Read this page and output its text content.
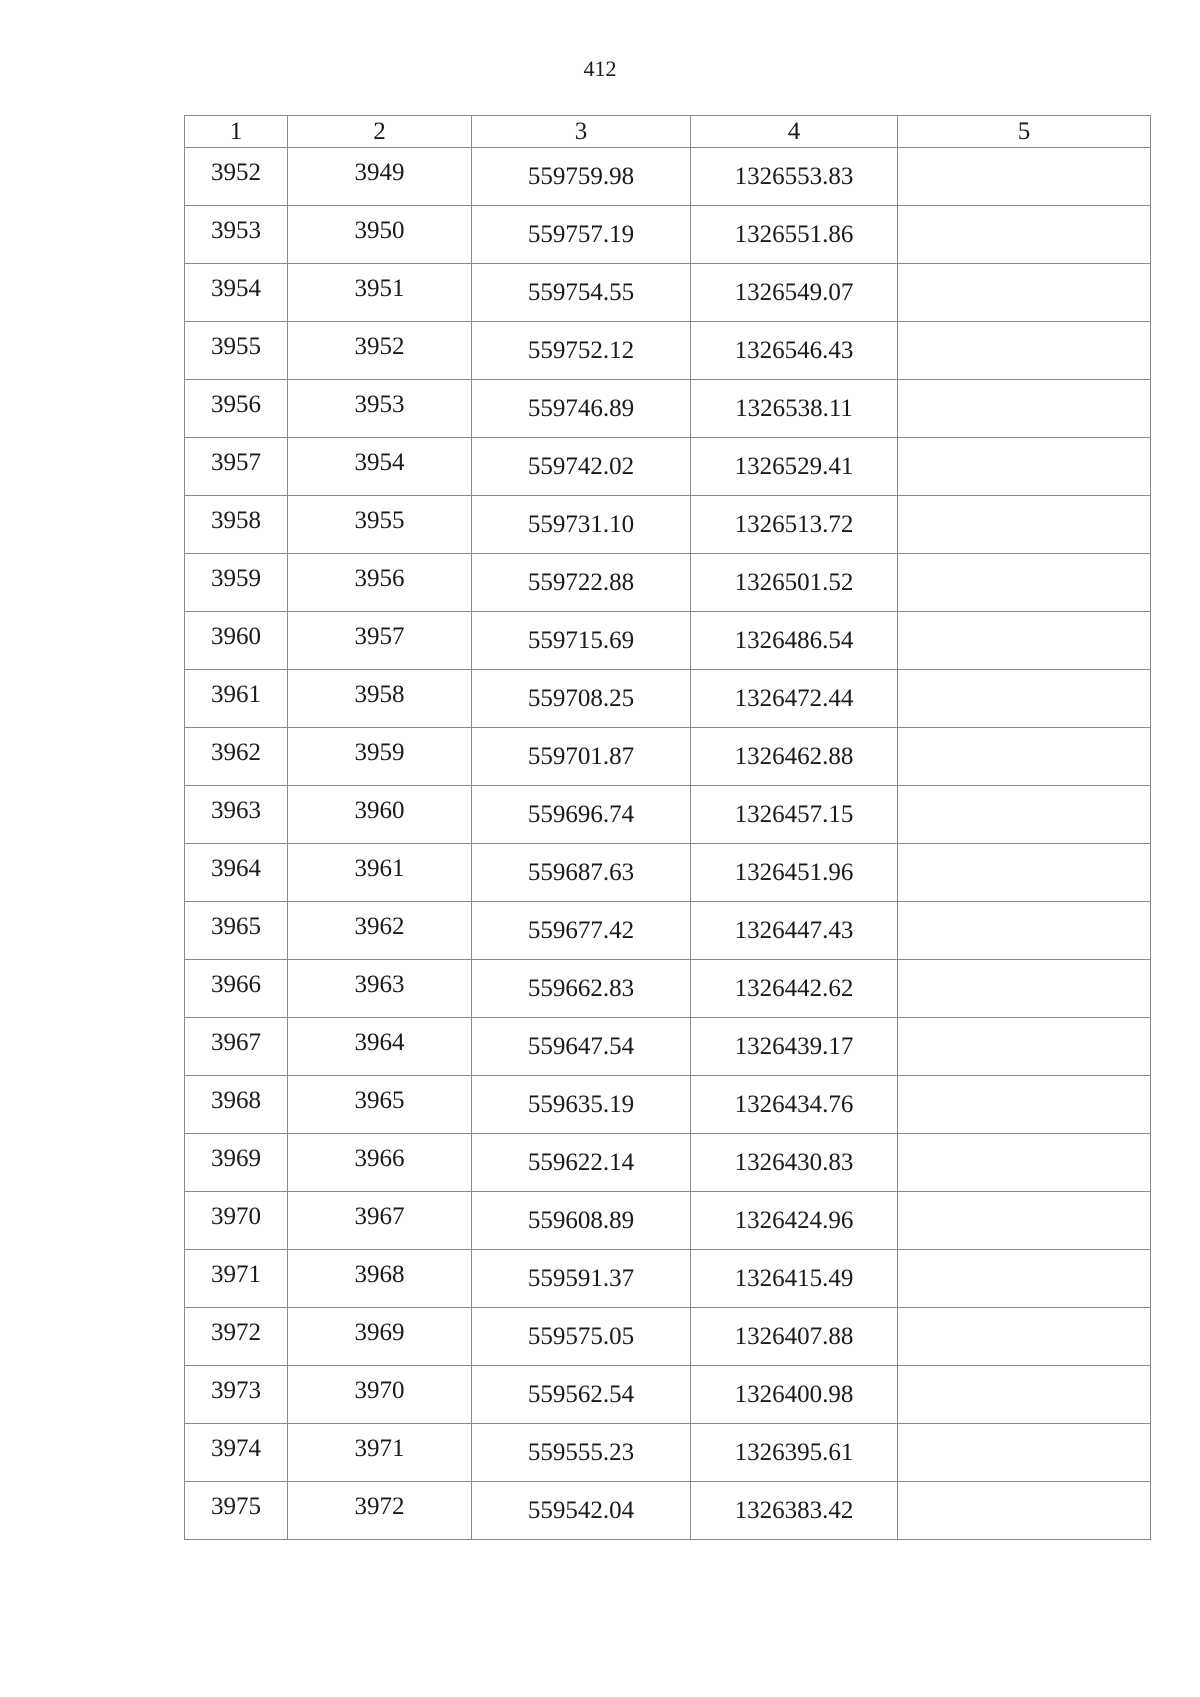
412
1	2	3	4	5
3952	3949	559759.98	1326553.83	
3953	3950	559757.19	1326551.86	
3954	3951	559754.55	1326549.07	
3955	3952	559752.12	1326546.43	
3956	3953	559746.89	1326538.11	
3957	3954	559742.02	1326529.41	
3958	3955	559731.10	1326513.72	
3959	3956	559722.88	1326501.52	
3960	3957	559715.69	1326486.54	
3961	3958	559708.25	1326472.44	
3962	3959	559701.87	1326462.88	
3963	3960	559696.74	1326457.15	
3964	3961	559687.63	1326451.96	
3965	3962	559677.42	1326447.43	
3966	3963	559662.83	1326442.62	
3967	3964	559647.54	1326439.17	
3968	3965	559635.19	1326434.76	
3969	3966	559622.14	1326430.83	
3970	3967	559608.89	1326424.96	
3971	3968	559591.37	1326415.49	
3972	3969	559575.05	1326407.88	
3973	3970	559562.54	1326400.98	
3974	3971	559555.23	1326395.61	
3975	3972	559542.04	1326383.42	
